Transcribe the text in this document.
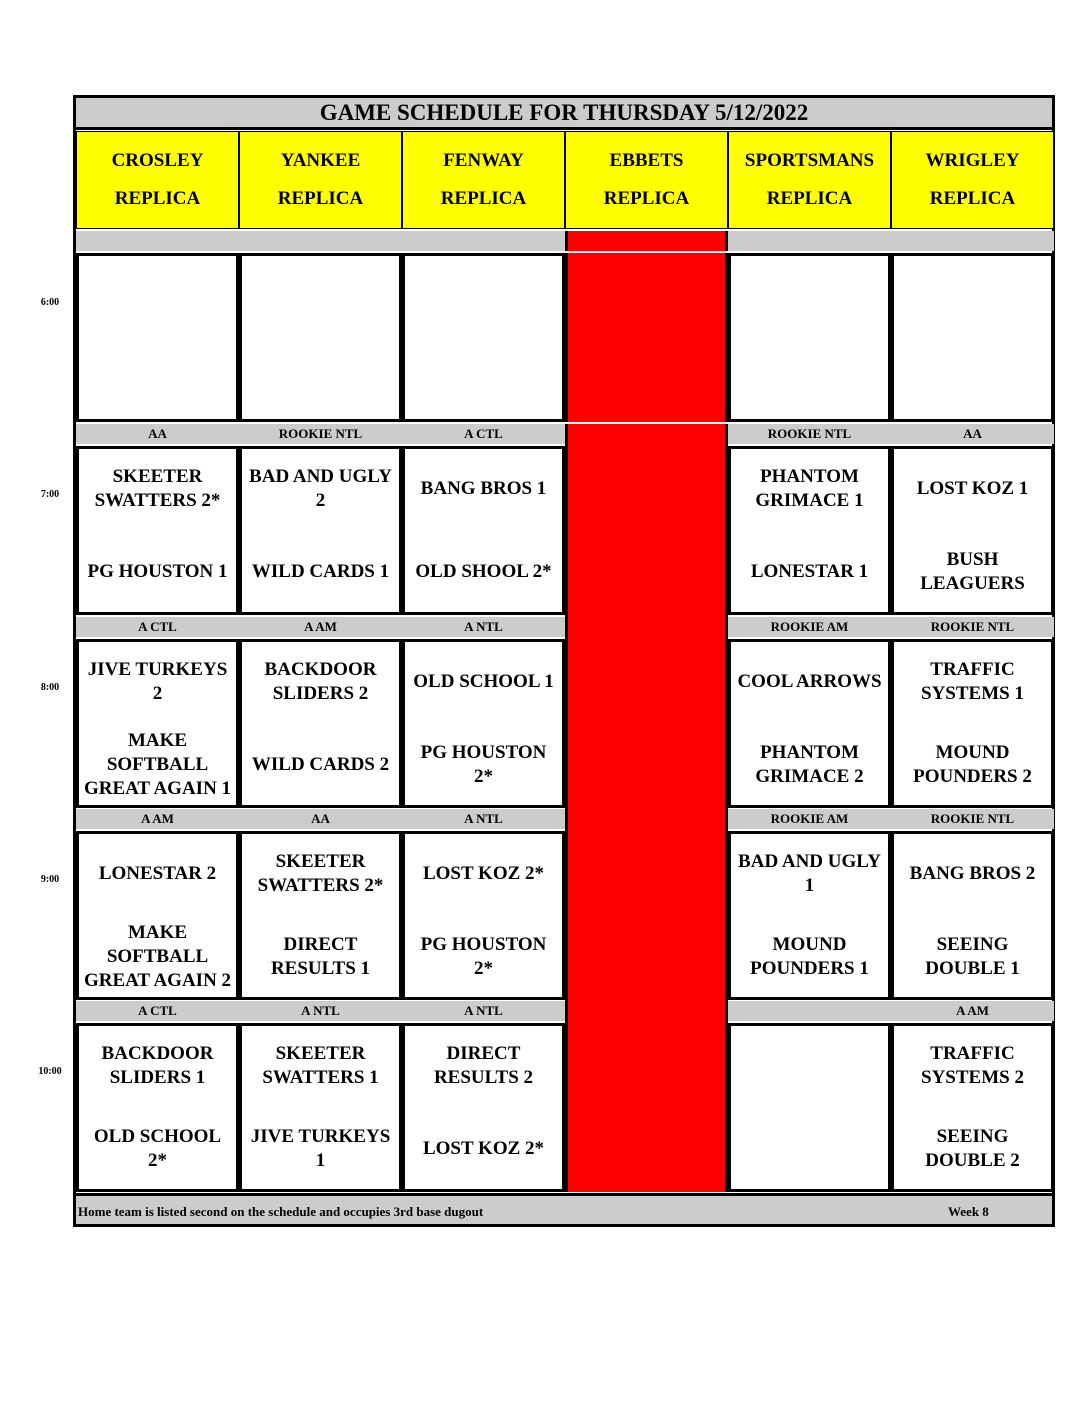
GAME SCHEDULE FOR THURSDAY 5/12/2022
CROSLEY
REPLICA
YANKEE
REPLICA
FENWAY
REPLICA
EBBETS
REPLICA
SPORTSMANS
REPLICA
WRIGLEY
REPLICA
6:00
7:00
AA
SKEETER SWATTERS 2*
PG HOUSTON 1
ROOKIE NTL
BAD AND UGLY 2
WILD CARDS 1
A CTL
BANG BROS 1
OLD SHOOL 2*
ROOKIE NTL
PHANTOM GRIMACE 1
LONESTAR 1
AA
LOST KOZ 1
BUSH LEAGUERS
8:00
A CTL
JIVE TURKEYS 2
MAKE SOFTBALL GREAT AGAIN 1
A AM
BACKDOOR SLIDERS 2
WILD CARDS 2
A NTL
OLD SCHOOL 1
PG HOUSTON 2*
ROOKIE AM
COOL ARROWS
PHANTOM GRIMACE 2
ROOKIE NTL
TRAFFIC SYSTEMS 1
MOUND POUNDERS 2
9:00
A AM
LONESTAR 2
MAKE SOFTBALL GREAT AGAIN 2
AA
SKEETER SWATTERS 2*
DIRECT RESULTS 1
A NTL
LOST KOZ 2*
PG HOUSTON 2*
ROOKIE AM
BAD AND UGLY 1
MOUND POUNDERS 1
ROOKIE NTL
BANG BROS 2
SEEING DOUBLE 1
10:00
A CTL
BACKDOOR SLIDERS 1
OLD SCHOOL 2*
A NTL
SKEETER SWATTERS 1
JIVE TURKEYS 1
A NTL
DIRECT RESULTS 2
LOST KOZ 2*
A AM
TRAFFIC SYSTEMS 2
SEEING DOUBLE 2
Home team is listed second on the schedule and occupies 3rd base dugout	Week 8
